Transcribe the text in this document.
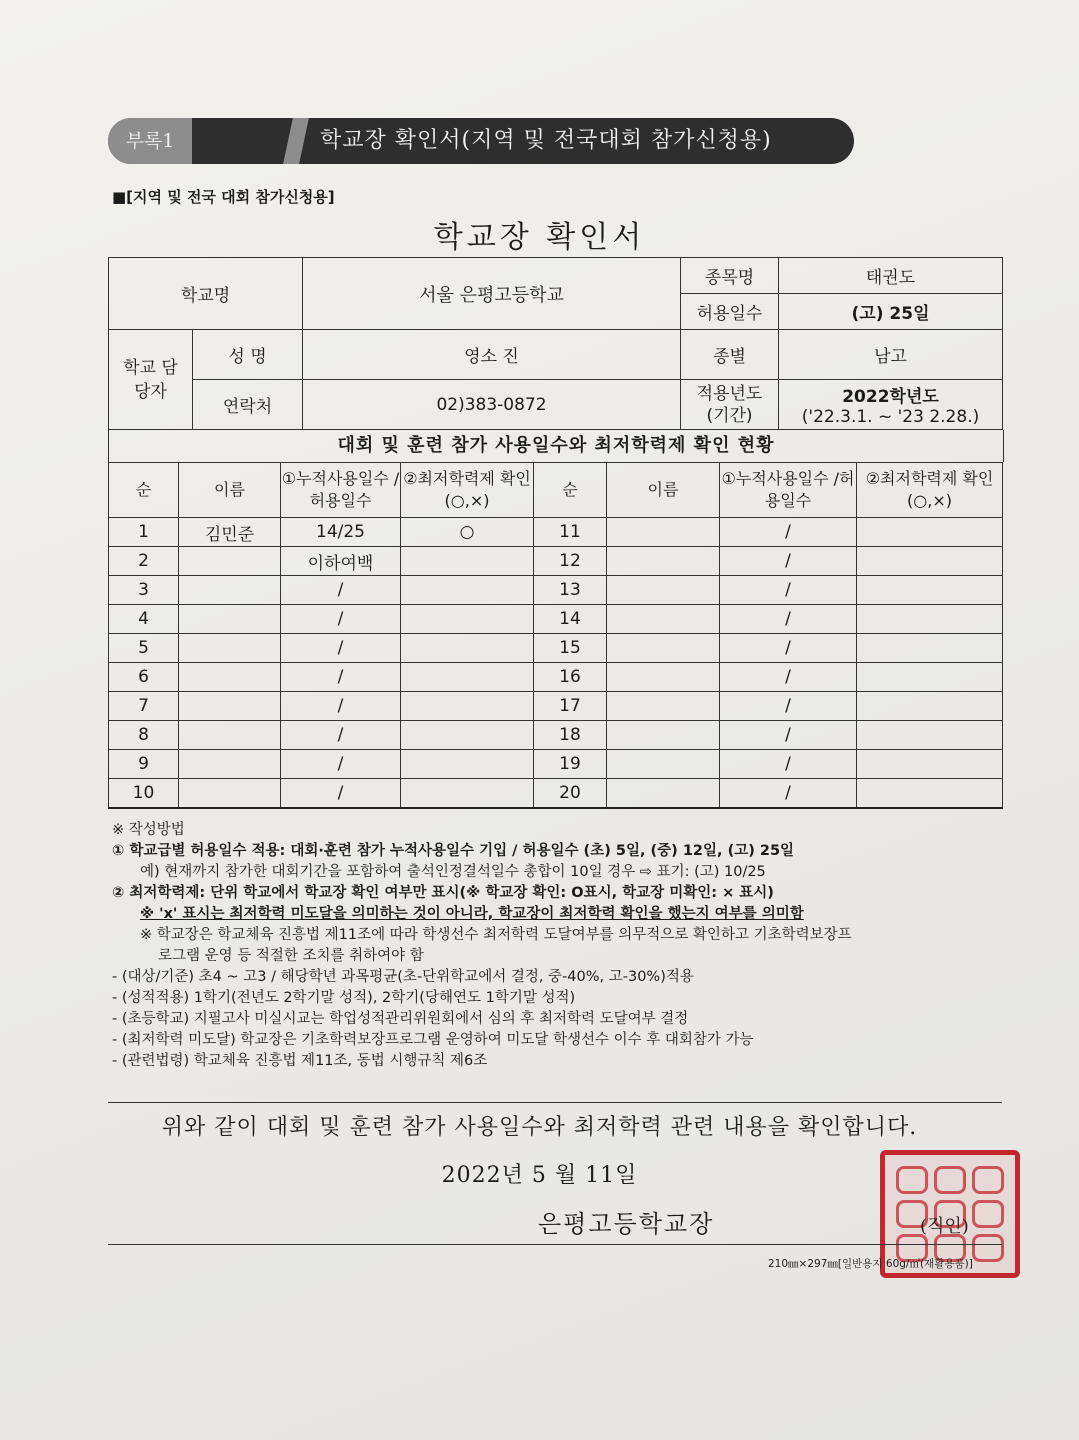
부록1	학교장 확인서(지역 및 전국대회 참가신청용)
■[지역 및 전국 대회 참가신청용]
학교장 확인서
학교명		서울 은평고등학교	종목명	태권도
			허용일수	(고) 25일
학교 담당자	성 명	영소 진	종별	남고
	연락처	02)383-0872	적용년도 (기간)	2022학년도
('22.3.1. ~ '23 2.28.)
대회 및 훈련 참가 사용일수와 최저학력제 확인 현황
순	이름	①누적사용일수 /허용일수	②최저학력제 확인(○,×)	순	이름	①누적사용일수 /허용일수	②최저학력제 확인(○,×)
1	김민준	14/25	○	11		/	
2		이하여백		12		/	
3		/		13		/	
4		/		14		/	
5		/		15		/	
6		/		16		/	
7		/		17		/	
8		/		18		/	
9		/		19		/	
10		/		20		/	
※ 작성방법
① 학교급별 허용일수 적용: 대회·훈련 참가 누적사용일수 기입 / 허용일수 (초) 5일, (중) 12일, (고) 25일
예) 현재까지 참가한 대회기간을 포함하여 출석인정결석일수 총합이 10일 경우 ⇨ 표기: (고) 10/25
② 최저학력제: 단위 학교에서 학교장 확인 여부만 표시(※ 학교장 확인: O표시, 학교장 미확인: × 표시)
※ 'x' 표시는 최저학력 미도달을 의미하는 것이 아니라, 학교장이 최저학력 확인을 했는지 여부를 의미함
※ 학교장은 학교체육 진흥법 제11조에 따라 학생선수 최저학력 도달여부를 의무적으로 확인하고 기초학력보장프
로그램 운영 등 적절한 조치를 취하여야 함
- (대상/기준) 초4 ~ 고3 / 해당학년 과목평균(초-단위학교에서 결정, 중-40%, 고-30%)적용
- (성적적용) 1학기(전년도 2학기말 성적), 2학기(당해연도 1학기말 성적)
- (초등학교) 지필고사 미실시교는 학업성적관리위원회에서 심의 후 최저학력 도달여부 결정
- (최저학력 미도달) 학교장은 기초학력보장프로그램 운영하여 미도달 학생선수 이수 후 대회참가 가능
- (관련법령) 학교체육 진흥법 제11조, 동법 시행규칙 제6조
위와 같이 대회 및 훈련 참가 사용일수와 최저학력 관련 내용을 확인합니다.
2022년 5 월 11일
은평고등학교장	(직인)
210㎜×297㎜[일반용지 60g/㎡(재활용품)]
